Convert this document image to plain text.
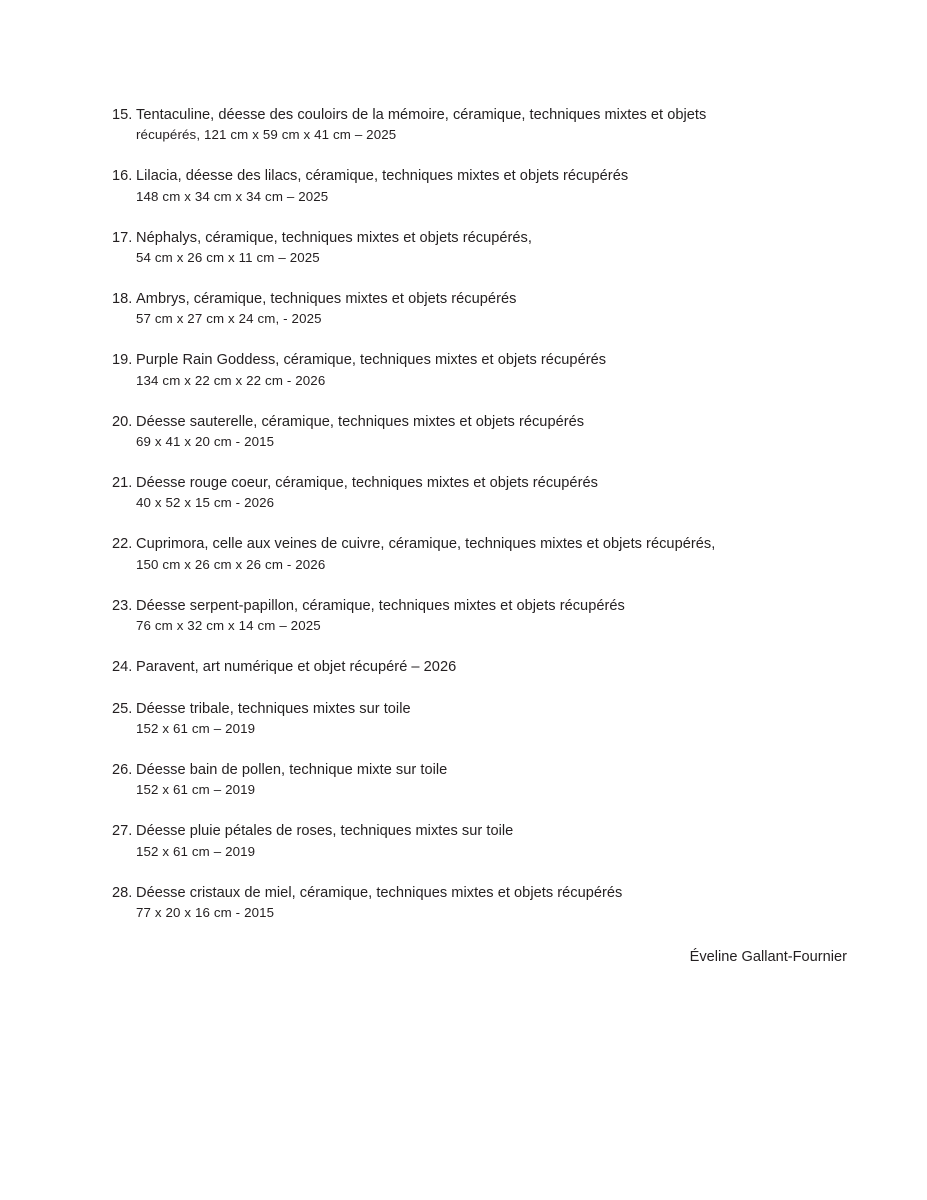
15. Tentaculine, déesse des couloirs de la mémoire, céramique, techniques mixtes et objets
récupérés, 121 cm x 59 cm x 41 cm – 2025
16. Lilacia, déesse des lilacs, céramique, techniques mixtes et objets récupérés
148 cm x 34 cm x 34 cm – 2025
17. Néphalys, céramique, techniques mixtes et objets récupérés,
54 cm x 26 cm x 11 cm – 2025
18. Ambrys, céramique, techniques mixtes et objets récupérés
57 cm x 27 cm x 24 cm, - 2025
19. Purple Rain Goddess, céramique, techniques mixtes et objets récupérés
134 cm x 22 cm x 22 cm - 2026
20. Déesse sauterelle, céramique, techniques mixtes et objets récupérés
69 x 41 x 20 cm - 2015
21. Déesse rouge coeur, céramique, techniques mixtes et objets récupérés
40 x 52 x 15 cm - 2026
22. Cuprimora, celle aux veines de cuivre, céramique, techniques mixtes et objets récupérés,
150 cm x 26 cm x 26 cm - 2026
23. Déesse serpent-papillon, céramique, techniques mixtes et objets récupérés
76 cm x 32 cm x 14 cm – 2025
24. Paravent, art numérique et objet récupéré – 2026
25. Déesse tribale, techniques mixtes sur toile
152 x 61 cm – 2019
26. Déesse bain de pollen, technique mixte sur toile
152 x 61 cm – 2019
27. Déesse pluie pétales de roses, techniques mixtes sur toile
152 x 61 cm – 2019
28. Déesse cristaux de miel, céramique, techniques mixtes et objets récupérés
77 x 20 x 16 cm - 2015
Éveline Gallant-Fournier
